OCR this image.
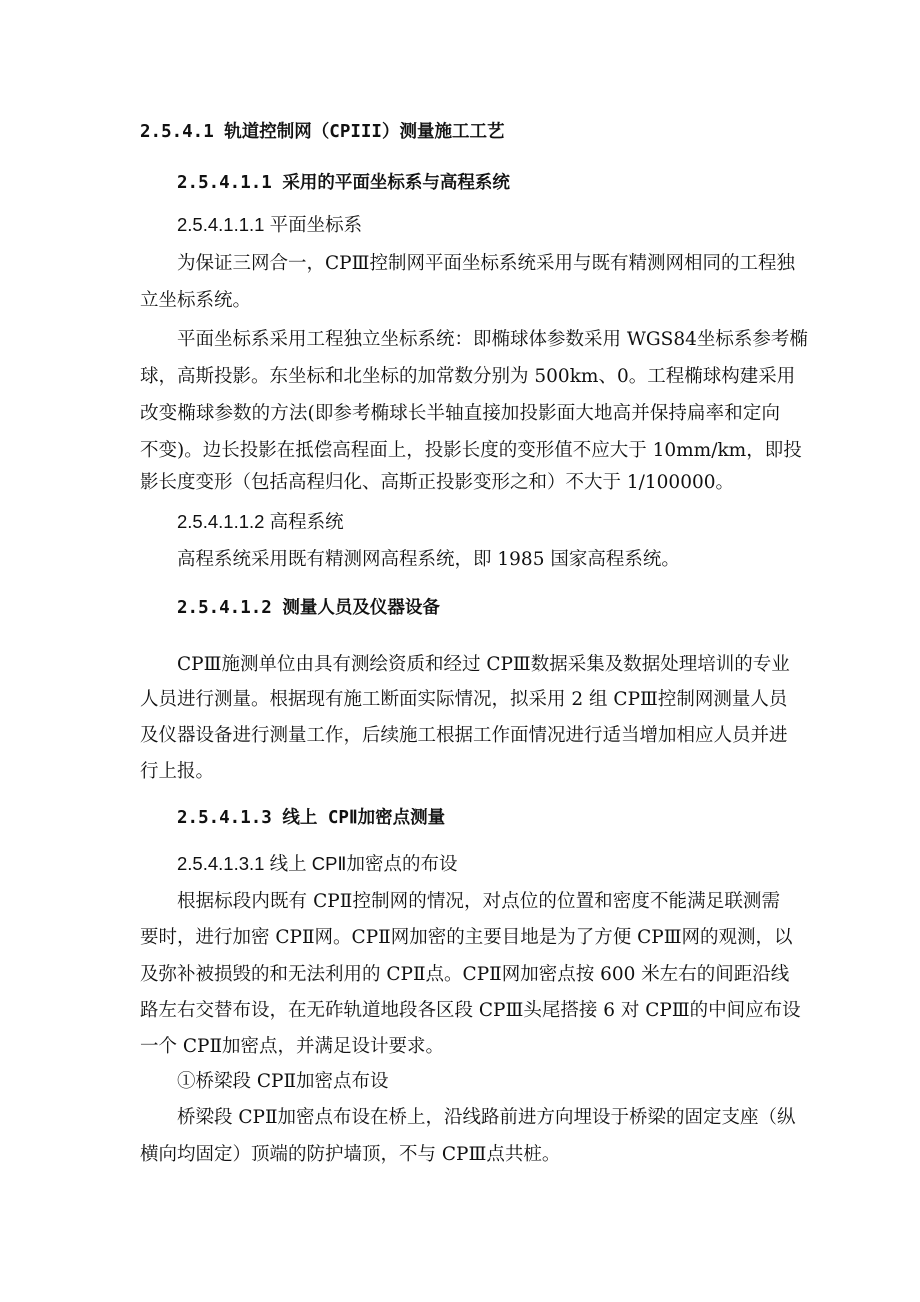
2.5.4.1 轨道控制网（CPIII）测量施工工艺
2.5.4.1.1 采用的平面坐标系与高程系统
2.5.4.1.1.1 平面坐标系
为保证三网合一，CPⅢ控制网平面坐标系统采用与既有精测网相同的工程独
立坐标系统。
平面坐标系采用工程独立坐标系统：即椭球体参数采用 WGS84坐标系参考椭
球，高斯投影。东坐标和北坐标的加常数分别为 500km、0。工程椭球构建采用
改变椭球参数的方法(即参考椭球长半轴直接加投影面大地高并保持扁率和定向
不变)。边长投影在抵偿高程面上，投影长度的变形值不应大于 10mm/km，即投
影长度变形（包括高程归化、高斯正投影变形之和）不大于 1/100000。
2.5.4.1.1.2 高程系统
高程系统采用既有精测网高程系统，即 1985 国家高程系统。
2.5.4.1.2 测量人员及仪器设备
CPⅢ施测单位由具有测绘资质和经过 CPⅢ数据采集及数据处理培训的专业
人员进行测量。根据现有施工断面实际情况，拟采用 2 组 CPⅢ控制网测量人员
及仪器设备进行测量工作，后续施工根据工作面情况进行适当增加相应人员并进
行上报。
2.5.4.1.3 线上 CPⅡ加密点测量
2.5.4.1.3.1 线上 CPⅡ加密点的布设
根据标段内既有 CPⅡ控制网的情况，对点位的位置和密度不能满足联测需
要时，进行加密 CPⅡ网。CPⅡ网加密的主要目地是为了方便 CPⅢ网的观测，以
及弥补被损毁的和无法利用的 CPⅡ点。CPⅡ网加密点按 600 米左右的间距沿线
路左右交替布设，在无砟轨道地段各区段 CPⅢ头尾搭接 6 对 CPⅢ的中间应布设
一个 CPⅡ加密点，并满足设计要求。
①桥梁段 CPⅡ加密点布设
桥梁段 CPⅡ加密点布设在桥上，沿线路前进方向埋设于桥梁的固定支座（纵
横向均固定）顶端的防护墙顶，不与 CPⅢ点共桩。
